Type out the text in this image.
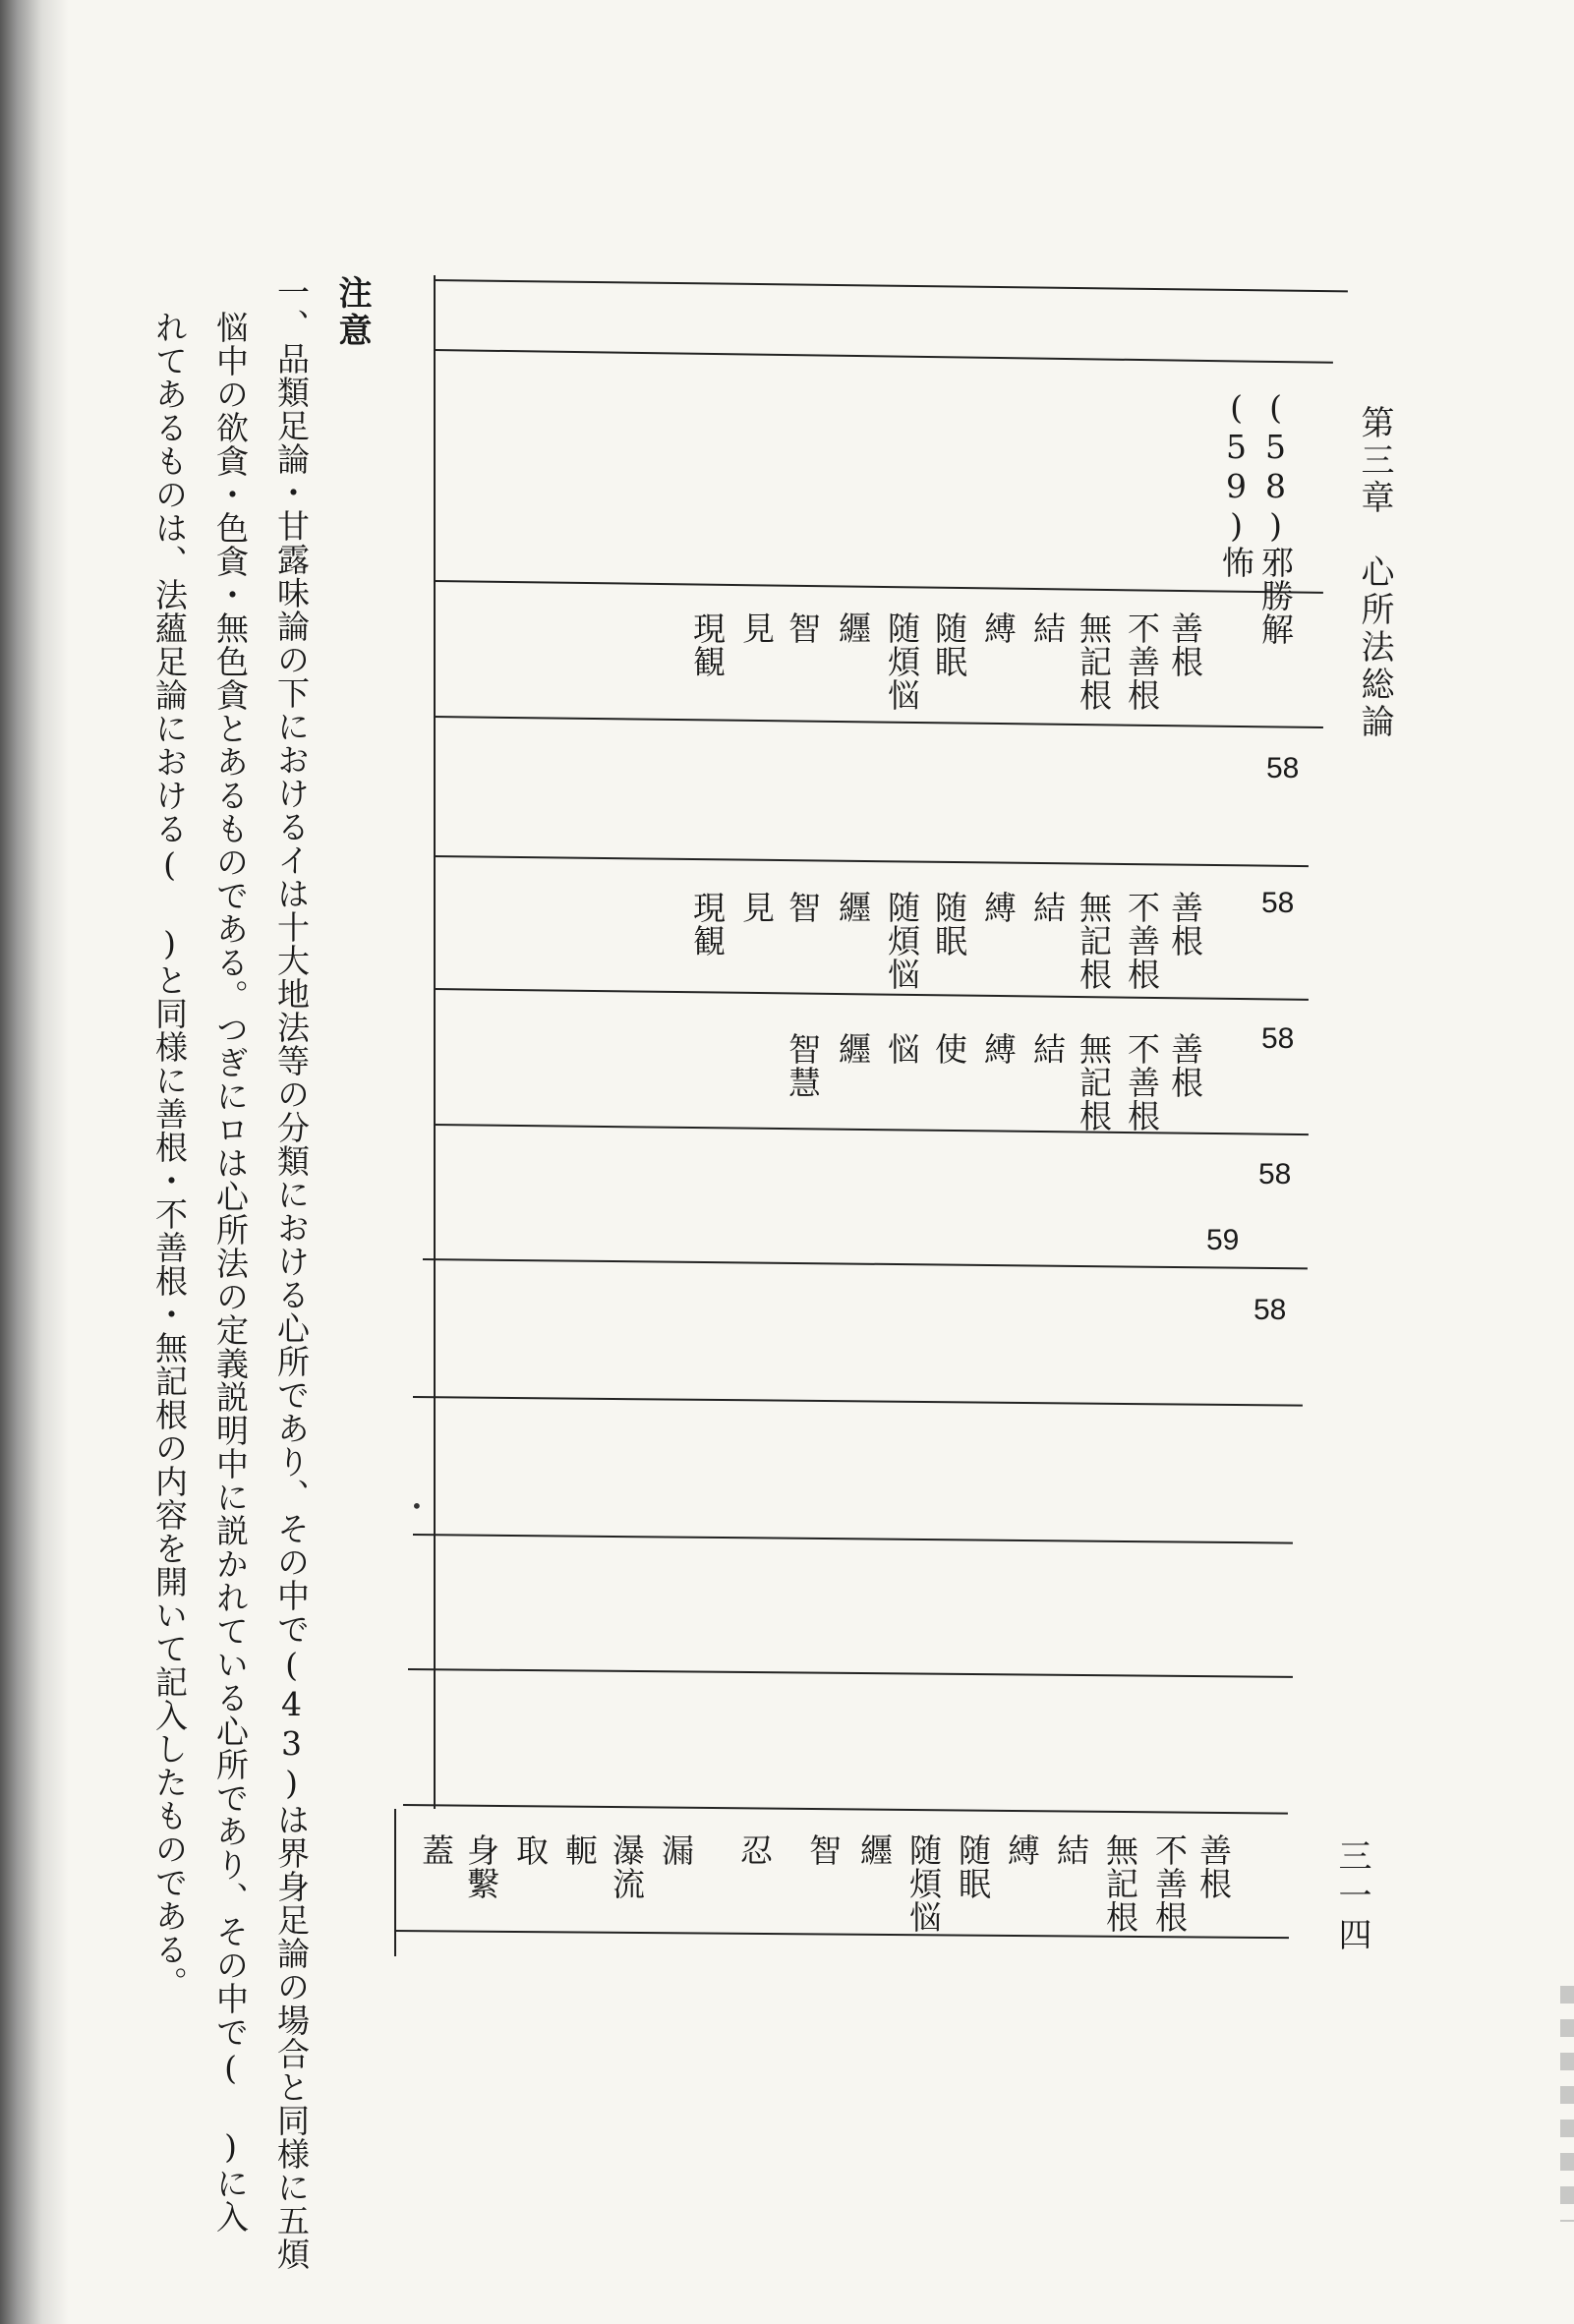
第三章　心所法総論
三一四
(58)邪勝解
(59)怖
善根
不善根
無記根
結
縛
随眠
随煩悩
纒
智
見
現観
58
58
善根
不善根
無記根
結
縛
随眠
随煩悩
纒
智
見
現観
58
善根
不善根
無記根
結
縛
使
悩
纒
智慧
58
59
58
•
善根
不善根
無記根
結
縛
随眠
随煩悩
纒
智
忍
漏
瀑流
軛
取
身繫
蓋
注意
一、品類足論・甘露味論の下におけるイは十大地法等の分類における心所であり、その中で(43)は界身足論の場合と同様に五煩
悩中の欲貪・色貪・無色貪とあるものである。つぎにロは心所法の定義説明中に説かれている心所であり、その中で( )に入
れてあるものは、法蘊足論における( )と同様に善根・不善根・無記根の内容を開いて記入したものである。
